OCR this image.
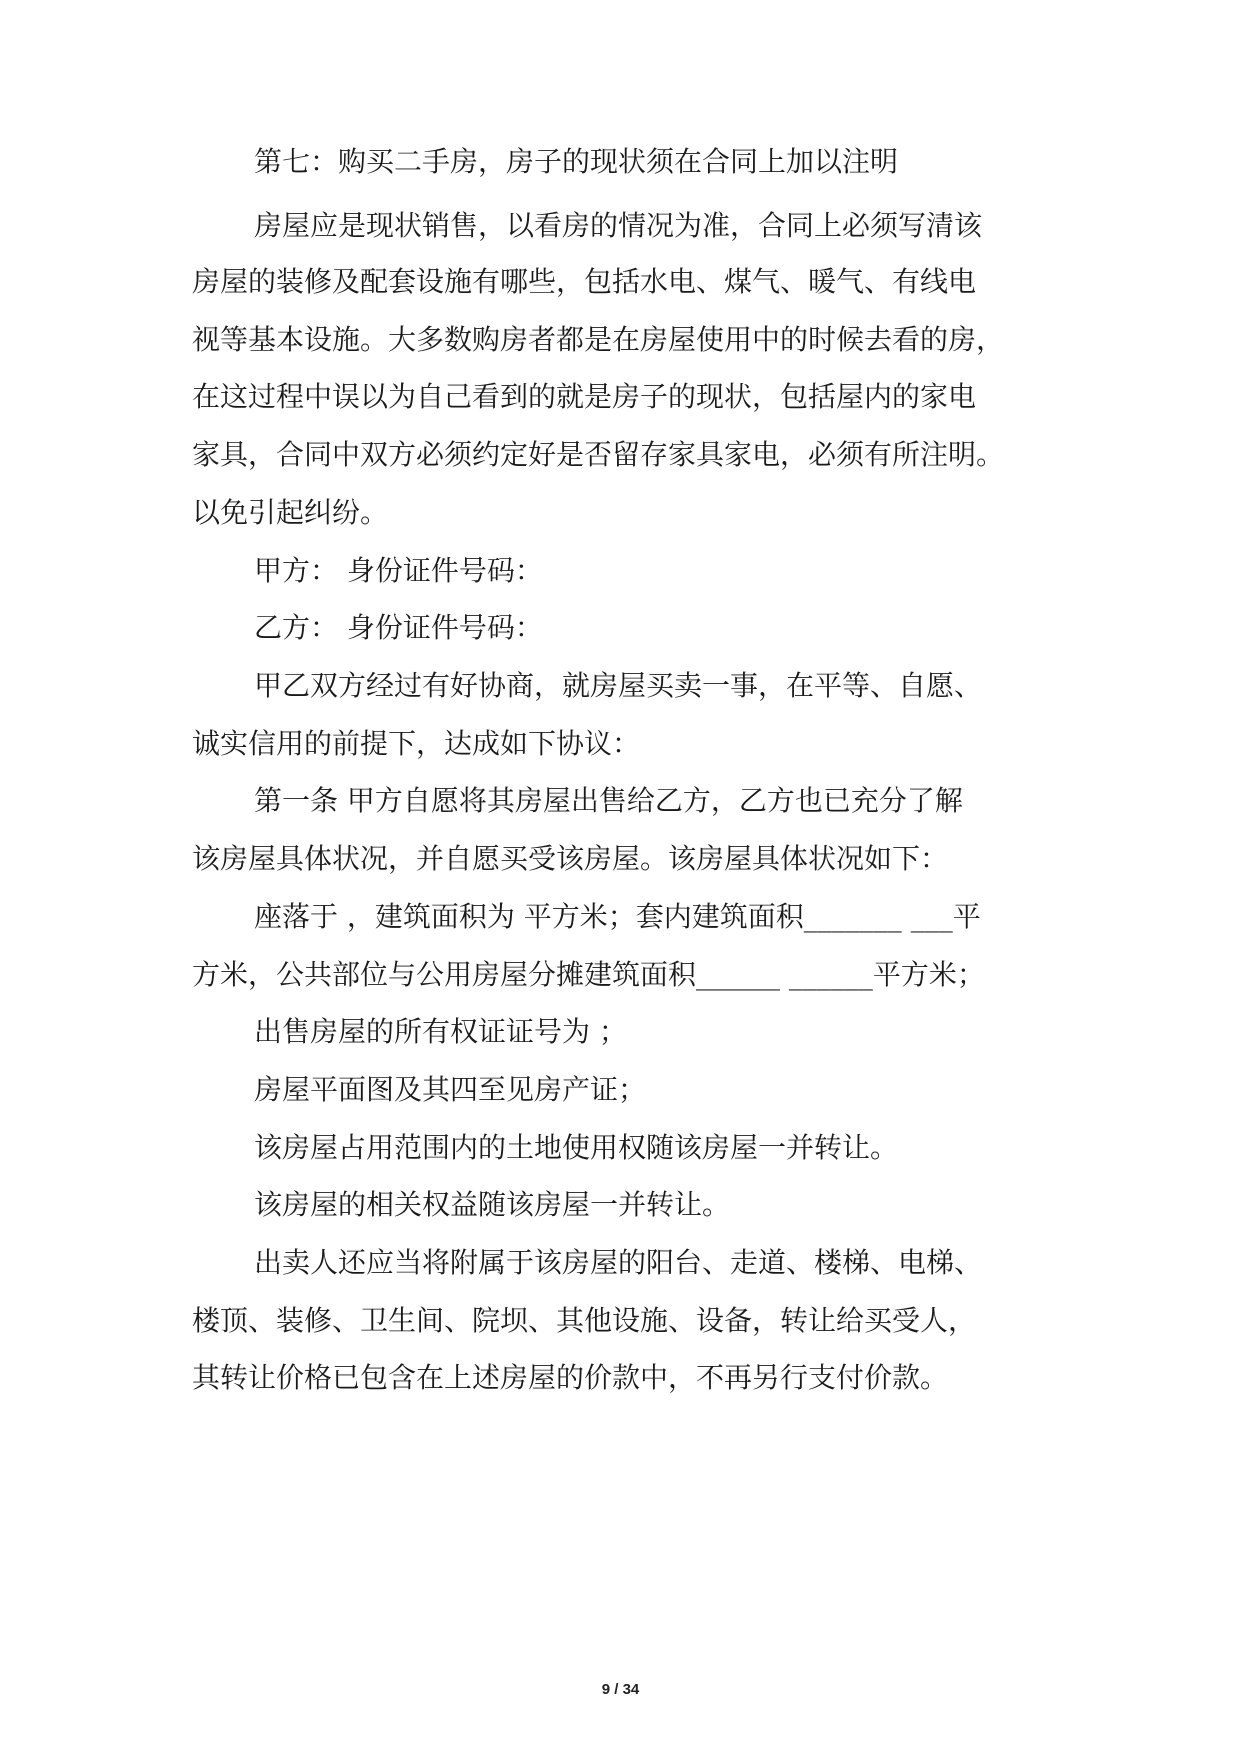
第七：购买二手房，房子的现状须在合同上加以注明
房屋应是现状销售，以看房的情况为准，合同上必须写清该
房屋的装修及配套设施有哪些，包括水电、煤气、暖气、有线电
视等基本设施。大多数购房者都是在房屋使用中的时候去看的房，
在这过程中误以为自己看到的就是房子的现状，包括屋内的家电
家具，合同中双方必须约定好是否留存家具家电，必须有所注明。
以免引起纠纷。
甲方： 身份证件号码：
乙方： 身份证件号码：
甲乙双方经过有好协商，就房屋买卖一事，在平等、自愿、
诚实信用的前提下，达成如下协议：
第一条 甲方自愿将其房屋出售给乙方，乙方也已充分了解
该房屋具体状况，并自愿买受该房屋。该房屋具体状况如下：
座落于 ，建筑面积为 平方米；套内建筑面积_______ ___平
方米，公共部位与公用房屋分摊建筑面积______ ______平方米；
出售房屋的所有权证证号为 ；
房屋平面图及其四至见房产证；
该房屋占用范围内的土地使用权随该房屋一并转让。
该房屋的相关权益随该房屋一并转让。
出卖人还应当将附属于该房屋的阳台、走道、楼梯、电梯、
楼顶、装修、卫生间、院坝、其他设施、设备，转让给买受人，
其转让价格已包含在上述房屋的价款中，不再另行支付价款。
9 / 34
